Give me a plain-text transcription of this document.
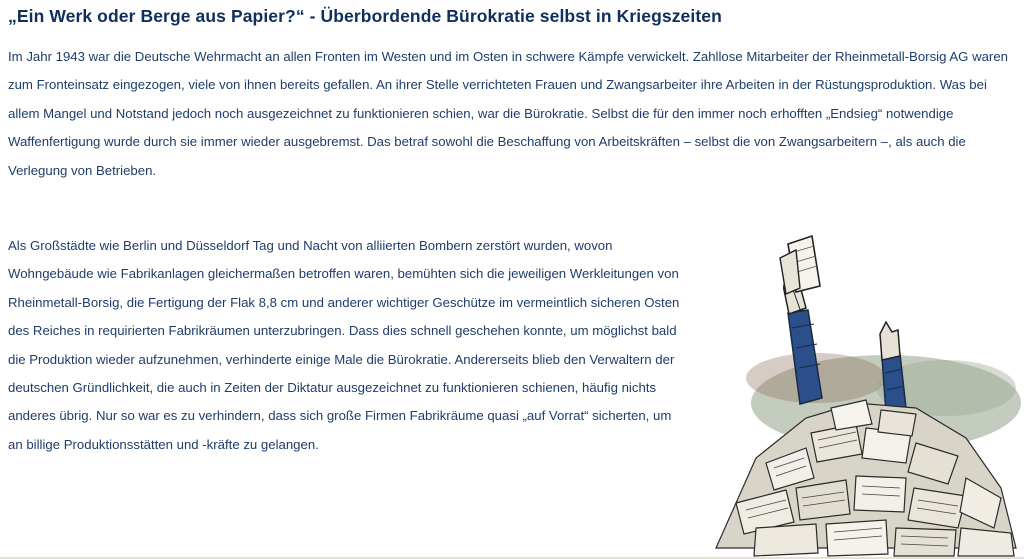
„Ein Werk oder Berge aus Papier?“ - Überbordende Bürokratie selbst in Kriegszeiten

Im Jahr 1943 war die Deutsche Wehrmacht an allen Fronten im Westen und im Osten in schwere Kämpfe verwickelt. Zahllose Mitarbeiter der Rheinmetall-Borsig AG waren zum Fronteinsatz eingezogen, viele von ihnen bereits gefallen. An ihrer Stelle verrichteten Frauen und Zwangsarbeiter ihre Arbeiten in der Rüstungsproduktion. Was bei allem Mangel und Notstand jedoch noch ausgezeichnet zu funktionieren schien, war die Bürokratie. Selbst die für den immer noch erhofften „Endsieg“ notwendige Waffenfertigung wurde durch sie immer wieder ausgebremst. Das betraf sowohl die Beschaffung von Arbeitskräften – selbst die von Zwangsarbeitern –, als auch die Verlegung von Betrieben.

Als Großstädte wie Berlin und Düsseldorf Tag und Nacht von alliierten Bombern zerstört wurden, wovon Wohngebäude wie Fabrikanlagen gleichermaßen betroffen waren, bemühten sich die jeweiligen Werkleitungen von Rheinmetall-Borsig, die Fertigung der Flak 8,8 cm und anderer wichtiger Geschütze im vermeintlich sicheren Osten des Reiches in requirierten Fabrikräumen unterzubringen. Dass dies schnell geschehen konnte, um möglichst bald die Produktion wieder aufzunehmen, verhinderte einige Male die Bürokratie. Andererseits blieb den Verwaltern der deutschen Gründlichkeit, die auch in Zeiten der Diktatur ausgezeichnet zu funktionieren schienen, häufig nichts anderes übrig. Nur so war es zu verhindern, dass sich große Firmen Fabrikräume quasi „auf Vorrat“ sicherten, um an billige Produktionsstätten und -kräfte zu gelangen.
